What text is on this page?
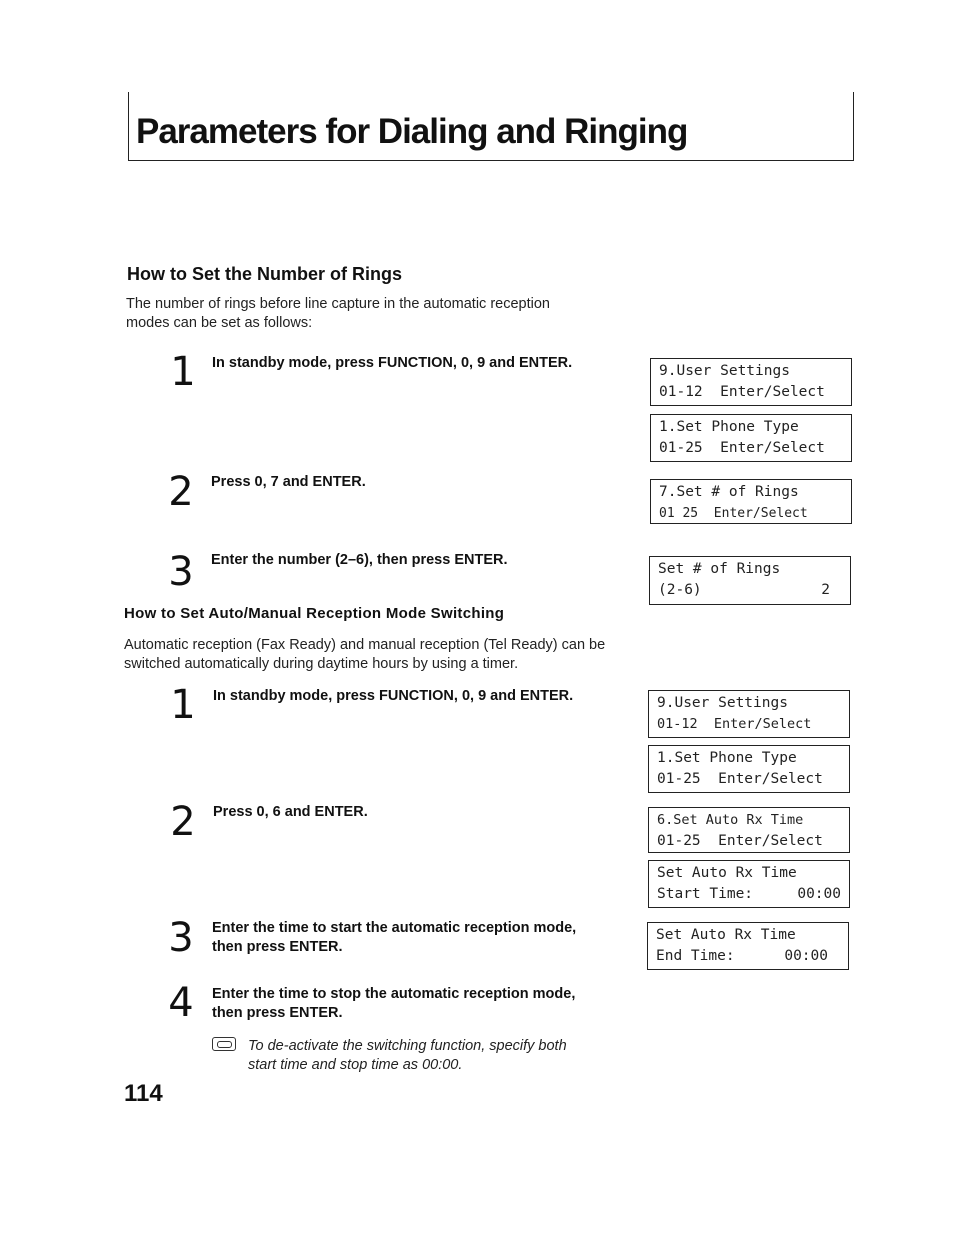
Parameters for Dialing and Ringing
How to Set the Number of Rings
The number of rings before line capture in the automatic reception modes can be set as follows:
1 In standby mode, press FUNCTION, 0, 9 and ENTER.
2 Press 0, 7 and ENTER.
3 Enter the number (2–6), then press ENTER.
9.User Settings
01-12  Enter/Select
1.Set Phone Type
01-25  Enter/Select
7.Set # of Rings
01 25  Enter/Select
Set # of Rings
(2-6)	2
How to Set Auto/Manual Reception Mode Switching
Automatic reception (Fax Ready) and manual reception (Tel Ready) can be switched automatically during daytime hours by using a timer.
1 In standby mode, press FUNCTION, 0, 9 and ENTER.
2 Press 0, 6 and ENTER.
3 Enter the time to start the automatic reception mode, then press ENTER.
4 Enter the time to stop the automatic reception mode, then press ENTER.
To de-activate the switching function, specify both start time and stop time as 00:00.
9.User Settings
01-12  Enter/Select
1.Set Phone Type
01-25  Enter/Select
6.Set Auto Rx Time
01-25  Enter/Select
Set Auto Rx Time
Start Time:	00:00
Set Auto Rx Time
End Time:	00:00
114
